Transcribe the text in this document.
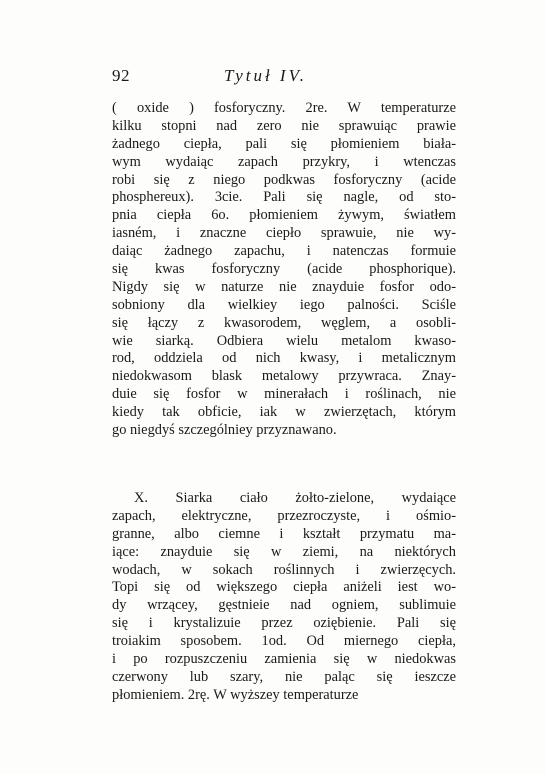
92	Tytuł IV.
( oxide ) fosforyczny. 2re. W temperaturze
kilku stopni nad zero nie sprawuiąc prawie
żadnego ciepła, pali się płomieniem biała-
wym wydaiąc zapach przykry, i wtenczas
robi się z niego podkwas fosforyczny (acide
phosphereux). 3cie. Pali się nagle, od sto-
pnia ciepła 6o. płomieniem żywym, światłem
iasném, i znaczne ciepło sprawuie, nie wy-
daiąc żadnego zapachu, i natenczas formuie
się kwas fosforyczny (acide phosphorique).
Nigdy się w naturze nie znayduie fosfor odo-
sobniony dla wielkiey iego palności. Sciśle
się łączy z kwasorodem, węglem, a osobli-
wie siarką. Odbiera wielu metalom kwaso-
rod, oddziela od nich kwasy, i metalicznym
niedokwasom blask metalowy przywraca. Znay-
duie się fosfor w minerałach i roślinach, nie
kiedy tak obficie, iak w zwierzętach, którym
go niegdyś szczególniey przyznawano.
X. Siarka ciało żołto-zielone, wydaiące
zapach, elektryczne, przezroczyste, i ośmio-
granne, albo ciemne i kształt przymatu ma-
iące: znayduie się w ziemi, na niektórych
wodach, w sokach roślinnych i zwierzęcych.
Topi się od większego ciepła aniżeli iest wo-
dy wrzącey, gęstnieie nad ogniem, sublimuie
się i krystalizuie przez oziębienie. Pali się
troiakim sposobem. 1od. Od miernego ciepła,
i po rozpuszczeniu zamienia się w niedokwas
czerwony lub szary, nie paląc się ieszcze
płomieniem. 2rę. W wyższey temperaturze
